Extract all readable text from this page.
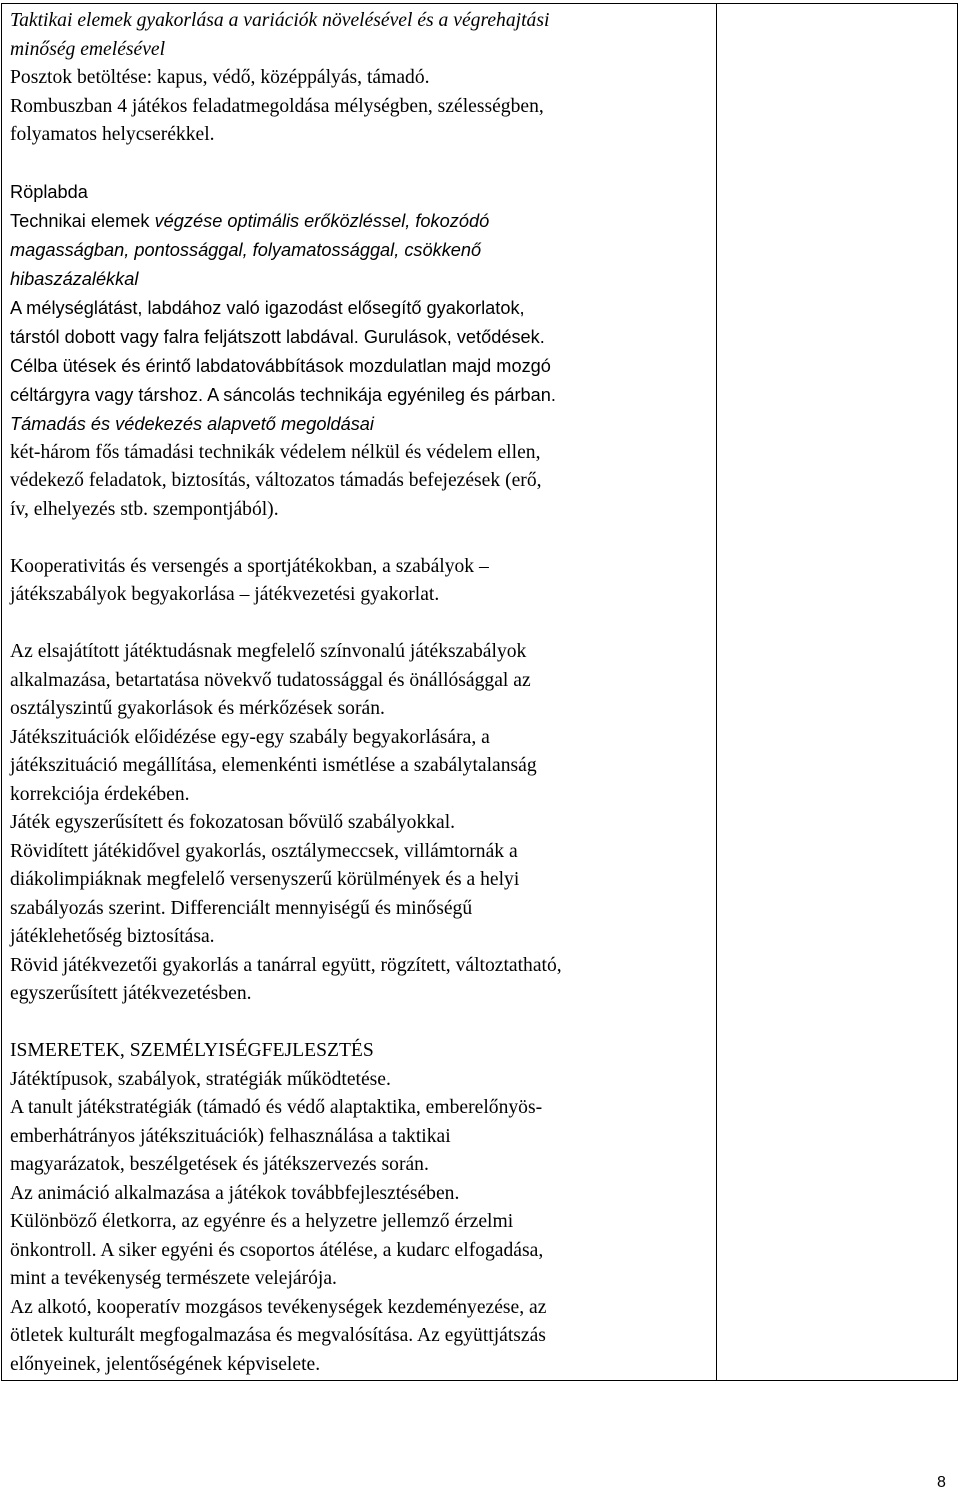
Taktikai elemek gyakorlása a variációk növelésével és a végrehajtási
minőség emelésével
Posztok betöltése: kapus, védő, középpályás, támadó.
Rombuszban 4 játékos feladatmegoldása mélységben, szélességben,
folyamatos helycserékkel.
Röplabda
Technikai elemek végzése optimális erőközléssel, fokozódó
magasságban, pontossággal, folyamatossággal, csökkenő
hibaszázalékkal
A mélységlátást, labdához való igazodást elősegítő gyakorlatok,
társtól dobott vagy falra feljátszott labdával. Gurulások, vetődések.
Célba ütések és érintő labdatovábbítások mozdulatlan majd mozgó
céltárgyra vagy társhoz. A sáncolás technikája egyénileg és párban.
Támadás és védekezés alapvető megoldásai
két-három fős támadási technikák védelem nélkül és védelem ellen,
védekező feladatok, biztosítás, változatos támadás befejezések (erő,
ív, elhelyezés stb. szempontjából).
Kooperativitás és versengés a sportjátékokban, a szabályok –
játékszabályok begyakorlása – játékvezetési gyakorlat.
Az elsajátított játéktudásnak megfelelő színvonalú játékszabályok
alkalmazása, betartatása növekvő tudatossággal és önállósággal az
osztályszintű gyakorlások és mérkőzések során.
Játékszituációk előidézése egy-egy szabály begyakorlására, a
játékszituáció megállítása, elemenkénti ismétlése a szabálytalanság
korrekciója érdekében.
Játék egyszerűsített és fokozatosan bővülő szabályokkal.
Rövidített játékidővel gyakorlás, osztálymeccsek, villámtornák a
diákolimpiáknak megfelelő versenyszerű körülmények és a helyi
szabályozás szerint. Differenciált mennyiségű és minőségű
játéklehetőség biztosítása.
Rövid játékvezetői gyakorlás a tanárral együtt, rögzített, változtatható,
egyszerűsített játékvezetésben.
ISMERETEK, SZEMÉLYISÉGFEJLESZTÉS
Játéktípusok, szabályok, stratégiák működtetése.
A tanult játékstratégiák (támadó és védő alaptaktika, emberelőnyös-
emberhátrányos játékszituációk) felhasználása a taktikai
magyarázatok, beszélgetések és játékszervezés során.
Az animáció alkalmazása a játékok továbbfejlesztésében.
Különböző életkorra, az egyénre és a helyzetre jellemző érzelmi
önkontroll. A siker egyéni és csoportos átélése, a kudarc elfogadása,
mint a tevékenység természete velejárója.
Az alkotó, kooperatív mozgásos tevékenységek kezdeményezése, az
ötletek kulturált megfogalmazása és megvalósítása. Az együttjátszás
előnyeinek, jelentőségének képviselete.
8
